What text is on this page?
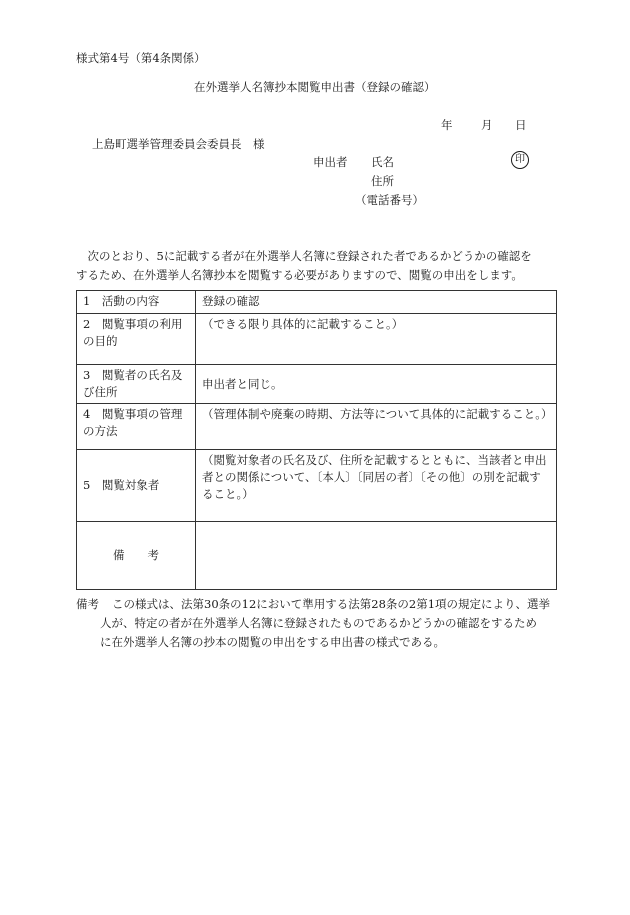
様式第4号（第4条関係）
在外選挙人名簿抄本閲覧申出書（登録の確認）
年 月 日
上島町選挙管理委員会委員長　様
申出者 氏名	印
住所
（電話番号）
　次のとおり、5に記載する者が在外選挙人名簿に登録された者であるかどうかの確認を
するため、在外選挙人名簿抄本を閲覧する必要がありますので、閲覧の申出をします。
1　活動の内容	登録の確認
2　閲覧事項の利用の目的	（できる限り具体的に記載すること。）
3　閲覧者の氏名及び住所	申出者と同じ。
4　閲覧事項の管理の方法	（管理体制や廃棄の時期、方法等について具体的に記載すること。）
5　閲覧対象者	（閲覧対象者の氏名及び、住所を記載するとともに、当該者と申出者との関係について、〔本人〕〔同居の者〕〔その他〕の別を記載すること。）
備　　考	
備考 この様式は、法第30条の12において準用する法第28条の2第1項の規定により、選挙
人が、特定の者が在外選挙人名簿に登録されたものであるかどうかの確認をするため
に在外選挙人名簿の抄本の閲覧の申出をする申出書の様式である。
